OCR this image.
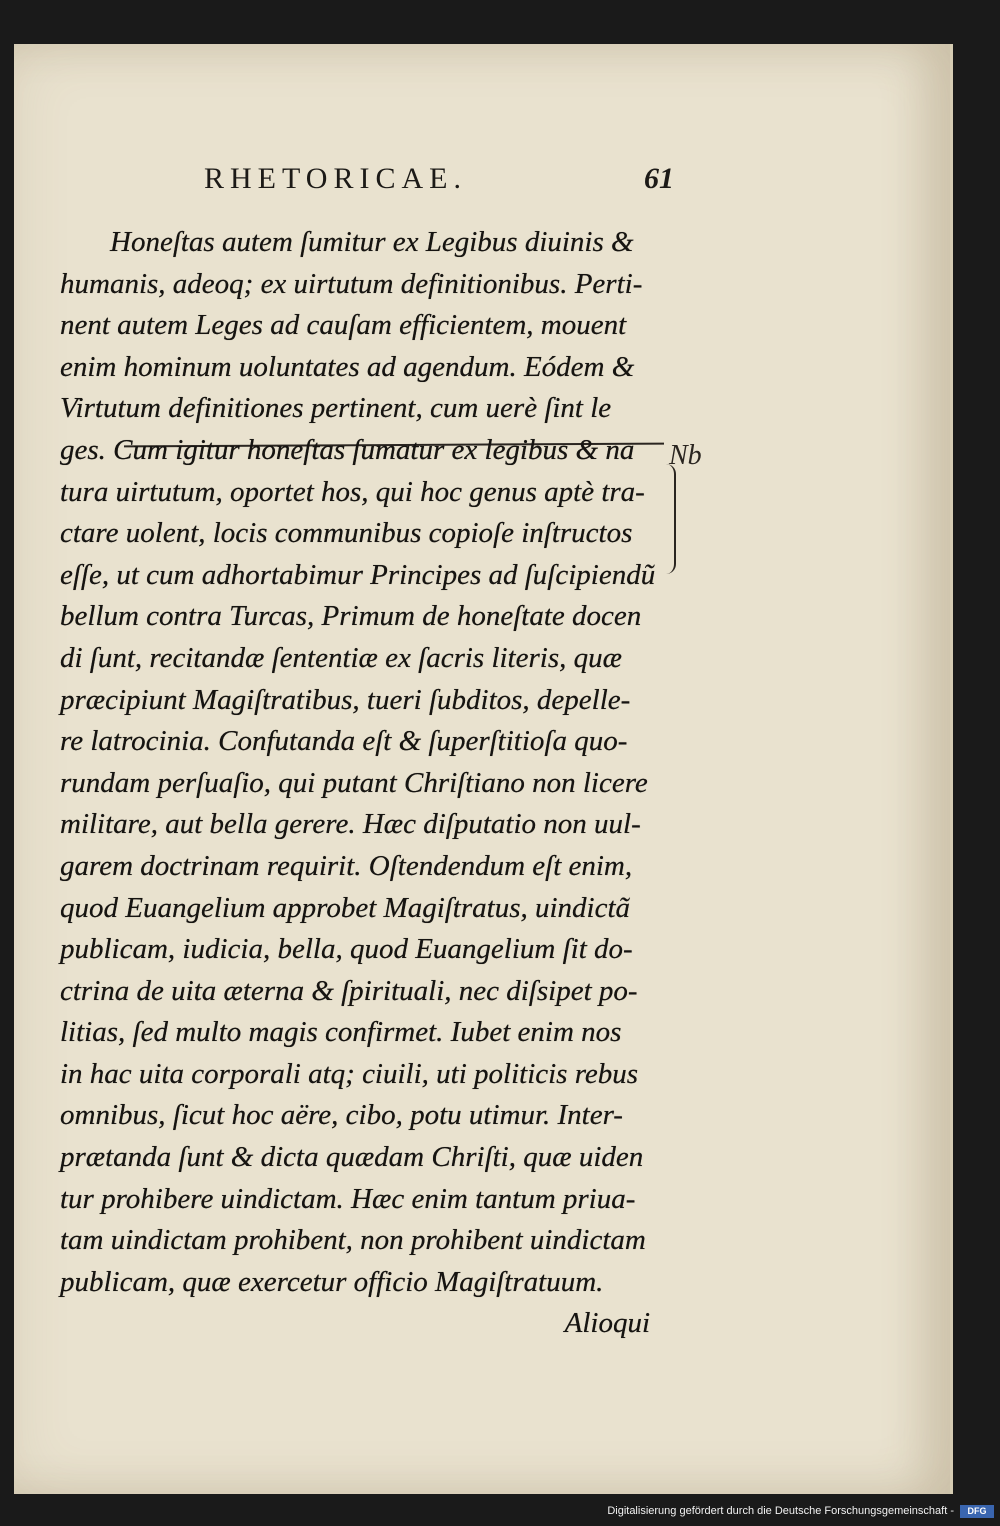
RHETORICAE.	61
Nb
Honeſtas autem ſumitur ex Legibus diuinis &
humanis, adeoq; ex uirtutum definitionibus. Perti-
nent autem Leges ad cauſam efficientem, mouent
enim hominum uoluntates ad agendum. Eódem &
Virtutum definitiones pertinent, cum uerè ſint le
ges. Cum igitur honeſtas ſumatur ex legibus & na
tura uirtutum, oportet hos, qui hoc genus aptè tra-
ctare uolent, locis communibus copioſe inſtructos
eſſe, ut cum adhortabimur Principes ad ſuſcipiendũ
bellum contra Turcas, Primum de honeſtate docen
di ſunt, recitandæ ſententiæ ex ſacris literis, quæ
præcipiunt Magiſtratibus, tueri ſubditos, depelle-
re latrocinia. Confutanda eſt & ſuperſtitioſa quo-
rundam perſuaſio, qui putant Chriſtiano non licere
militare, aut bella gerere. Hæc diſputatio non uul-
garem doctrinam requirit. Oſtendendum eſt enim,
quod Euangelium approbet Magiſtratus, uindictã
publicam, iudicia, bella, quod Euangelium ſit do-
ctrina de uita æterna & ſpirituali, nec diſsipet po-
litias, ſed multo magis confirmet. Iubet enim nos
in hac uita corporali atq; ciuili, uti politicis rebus
omnibus, ſicut hoc aëre, cibo, potu utimur. Inter-
prætanda ſunt & dicta quædam Chriſti, quæ uiden
tur prohibere uindictam. Hæc enim tantum priua-
tam uindictam prohibent, non prohibent uindictam
publicam, quæ exercetur officio Magiſtratuum.
Alioqui
Digitalisierung gefördert durch die Deutsche Forschungsgemeinschaft -	DFG
